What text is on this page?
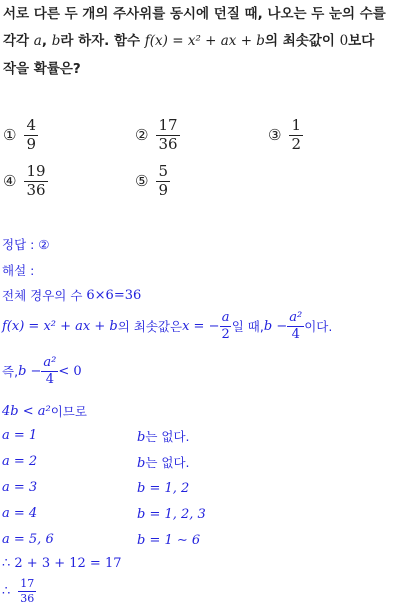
서로 다른 두 개의 주사위를 동시에 던질 때, 나오는 두 눈의 수를
각각 a, b라 하자. 함수 f(x) = x² + ax + b의 최솟값이 0보다
작을 확률은?
① $\frac{4}{9}$	② $\frac{17}{36}$	③ $\frac{1}{2}$
④ $\frac{19}{36}$	⑤ $\frac{5}{9}$
정답 : ②
해설 :
전체 경우의 수
6×6=36
f(x) = x² + ax + b 의 최솟값은 x = − $\frac{a}{2}$ 일 때, $b - \frac{\text{a²}}{4}$ 이다.
즉, $b - \frac{\text{a²}}{4} < 0$
4b < a² 이므로
a = 1	b는 없다.
a = 2	b는 없다.
a = 3	b = 1, 2
a = 4	b = 1, 2, 3
a = 5, 6	b = 1 ∼ 6
∴ 2 + 3 + 12 = 17
∴
$\frac{17}{36}$
